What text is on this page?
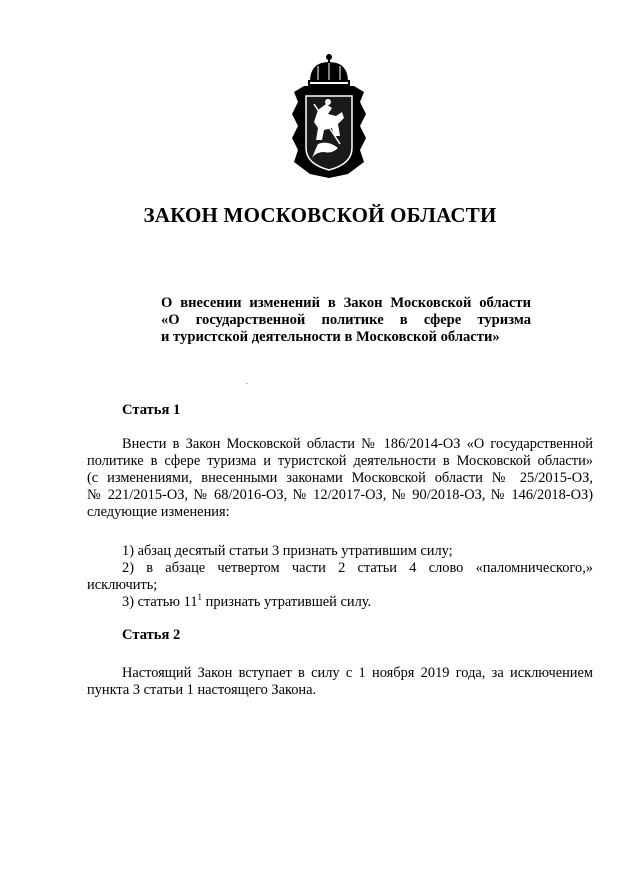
ЗАКОН МОСКОВСКОЙ ОБЛАСТИ
О внесении изменений в Закон Московской области
«О государственной политике в сфере туризма
и туристской деятельности в Московской области»
Статья 1
Внести в Закон Московской области № 186/2014-ОЗ «О государственной
политике в сфере туризма и туристской деятельности в Московской области»
(с изменениями, внесенными законами Московской области № 25/2015-ОЗ,
№ 221/2015-ОЗ, № 68/2016-ОЗ, № 12/2017-ОЗ, № 90/2018-ОЗ, № 146/2018-ОЗ)
следующие изменения:
1) абзац десятый статьи 3 признать утратившим силу;
2) в абзаце четвертом части 2 статьи 4 слово «паломнического,»
исключить;
3) статью $11^1$ признать утратившей силу.
Статья 2
Настоящий Закон вступает в силу с 1 ноября 2019 года, за исключением
пункта 3 статьи 1 настоящего Закона.
